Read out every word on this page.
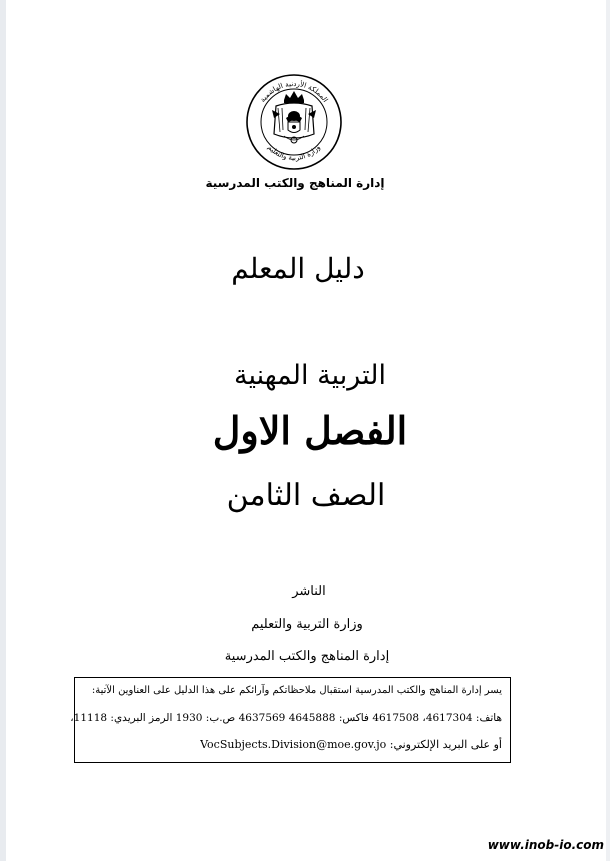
المملكة الأردنية الهاشمية
وزارة التربية والتعليم
إدارة المناهج والكتب المدرسية
دليل المعلم
التربية المهنية
الفصل الاول
الصف الثامن
الناشر
وزارة التربية والتعليم
إدارة المناهج والكتب المدرسية
يسر إدارة المناهج والكتب المدرسية استقبال ملاحظاتكم وآرائكم على هذا الدليل على العناوين الآتية:
هاتف: 4617304، 4617508 فاكس: 4645888 4637569 ص.ب: 1930 الرمز البريدي: 11118،
أو على البريد الإلكتروني: VocSubjects.Division@moe.gov.jo
www.inob-io.com
